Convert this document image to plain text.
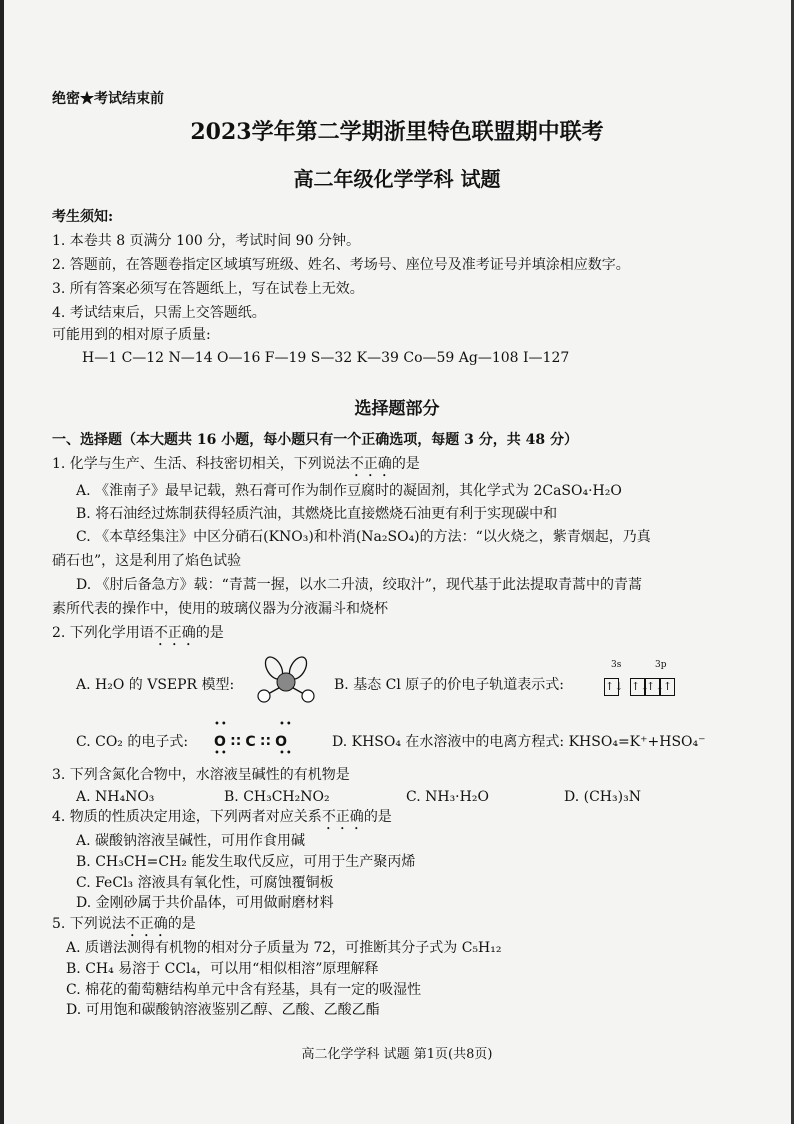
绝密★考试结束前
2023学年第二学期浙里特色联盟期中联考
高二年级化学学科 试题
考生须知:
1. 本卷共 8 页满分 100 分，考试时间 90 分钟。
2. 答题前，在答题卷指定区域填写班级、姓名、考场号、座位号及准考证号并填涂相应数字。
3. 所有答案必须写在答题纸上，写在试卷上无效。
4. 考试结束后，只需上交答题纸。
可能用到的相对原子质量:
H—1 C—12 N—14 O—16 F—19 S—32 K—39 Co—59 Ag—108 I—127
选择题部分
一、选择题（本大题共 16 小题，每小题只有一个正确选项，每题 3 分，共 48 分）
1. 化学与生产、生活、科技密切相关，下列说法不正确的是
A. 《淮南子》最早记载，熟石膏可作为制作豆腐时的凝固剂，其化学式为 2CaSO₄·H₂O
B. 将石油经过炼制获得轻质汽油，其燃烧比直接燃烧石油更有利于实现碳中和
C. 《本草经集注》中区分硝石(KNO₃)和朴消(Na₂SO₄)的方法：“以火烧之，紫青烟起，乃真
硝石也”，这是利用了焰色试验
D. 《肘后备急方》载：“青蒿一握，以水二升渍，绞取汁”，现代基于此法提取青蒿中的青蒿
素所代表的操作中，使用的玻璃仪器为分液漏斗和烧杯
2. 下列化学用语不正确的是
A. H₂O 的 VSEPR 模型:	B. 基态 Cl 原子的价电子轨道表示式:
3s	3p
↑↓ ↑↓↑↓↑
C. CO₂ 的电子式: O ∷ C ∷ O
••	••
••	••
D. KHSO₄ 在水溶液中的电离方程式: KHSO₄=K⁺+HSO₄⁻
3. 下列含氮化合物中，水溶液呈碱性的有机物是
A. NH₄NO₃	B. CH₃CH₂NO₂	C. NH₃·H₂O	D. (CH₃)₃N
4. 物质的性质决定用途，下列两者对应关系不正确的是
A. 碳酸钠溶液呈碱性，可用作食用碱
B. CH₃CH=CH₂ 能发生取代反应，可用于生产聚丙烯
C. FeCl₃ 溶液具有氧化性，可腐蚀覆铜板
D. 金刚砂属于共价晶体，可用做耐磨材料
5. 下列说法不正确的是
A. 质谱法测得有机物的相对分子质量为 72，可推断其分子式为 C₅H₁₂
B. CH₄ 易溶于 CCl₄，可以用“相似相溶”原理解释
C. 棉花的葡萄糖结构单元中含有羟基，具有一定的吸湿性
D. 可用饱和碳酸钠溶液鉴别乙醇、乙酸、乙酸乙酯
高二化学学科 试题 第1页(共8页)
